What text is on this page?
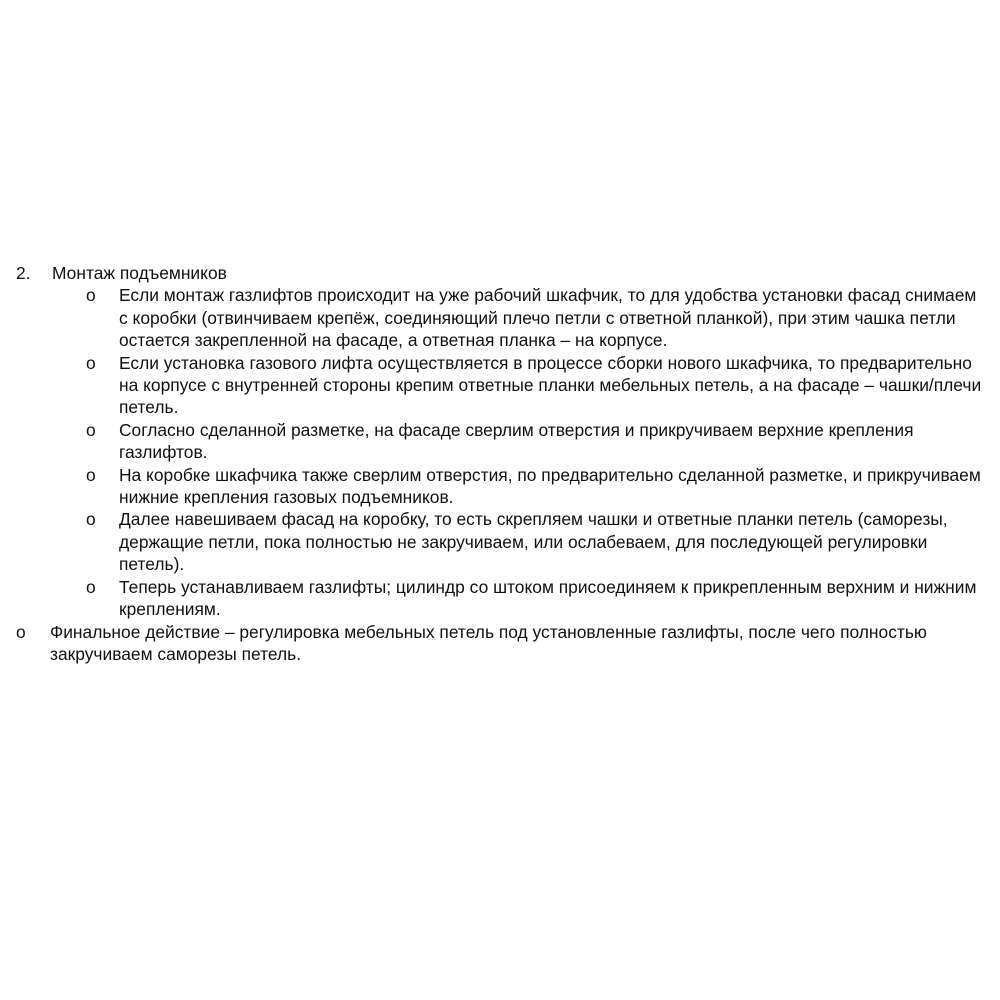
2. Монтаж подъемников
o Если монтаж газлифтов происходит на уже рабочий шкафчик, то для удобства установки фасад снимаем с коробки (отвинчиваем крепёж, соединяющий плечо петли с ответной планкой), при этим чашка петли остается закрепленной на фасаде, а ответная планка – на корпусе.
o Если установка газового лифта осуществляется в процессе сборки нового шкафчика, то предварительно на корпусе с внутренней стороны крепим ответные планки мебельных петель, а на фасаде – чашки/плечи петель.
o Согласно сделанной разметке, на фасаде сверлим отверстия и прикручиваем верхние крепления газлифтов.
o На коробке шкафчика также сверлим отверстия, по предварительно сделанной разметке, и прикручиваем нижние крепления газовых подъемников.
o Далее навешиваем фасад на коробку, то есть скрепляем чашки и ответные планки петель (саморезы, держащие петли, пока полностью не закручиваем, или ослабеваем, для последующей регулировки петель).
o Теперь устанавливаем газлифты; цилиндр со штоком присоединяем к прикрепленным верхним и нижним креплениям.
o Финальное действие – регулировка мебельных петель под установленные газлифты, после чего полностью закручиваем саморезы петель.
